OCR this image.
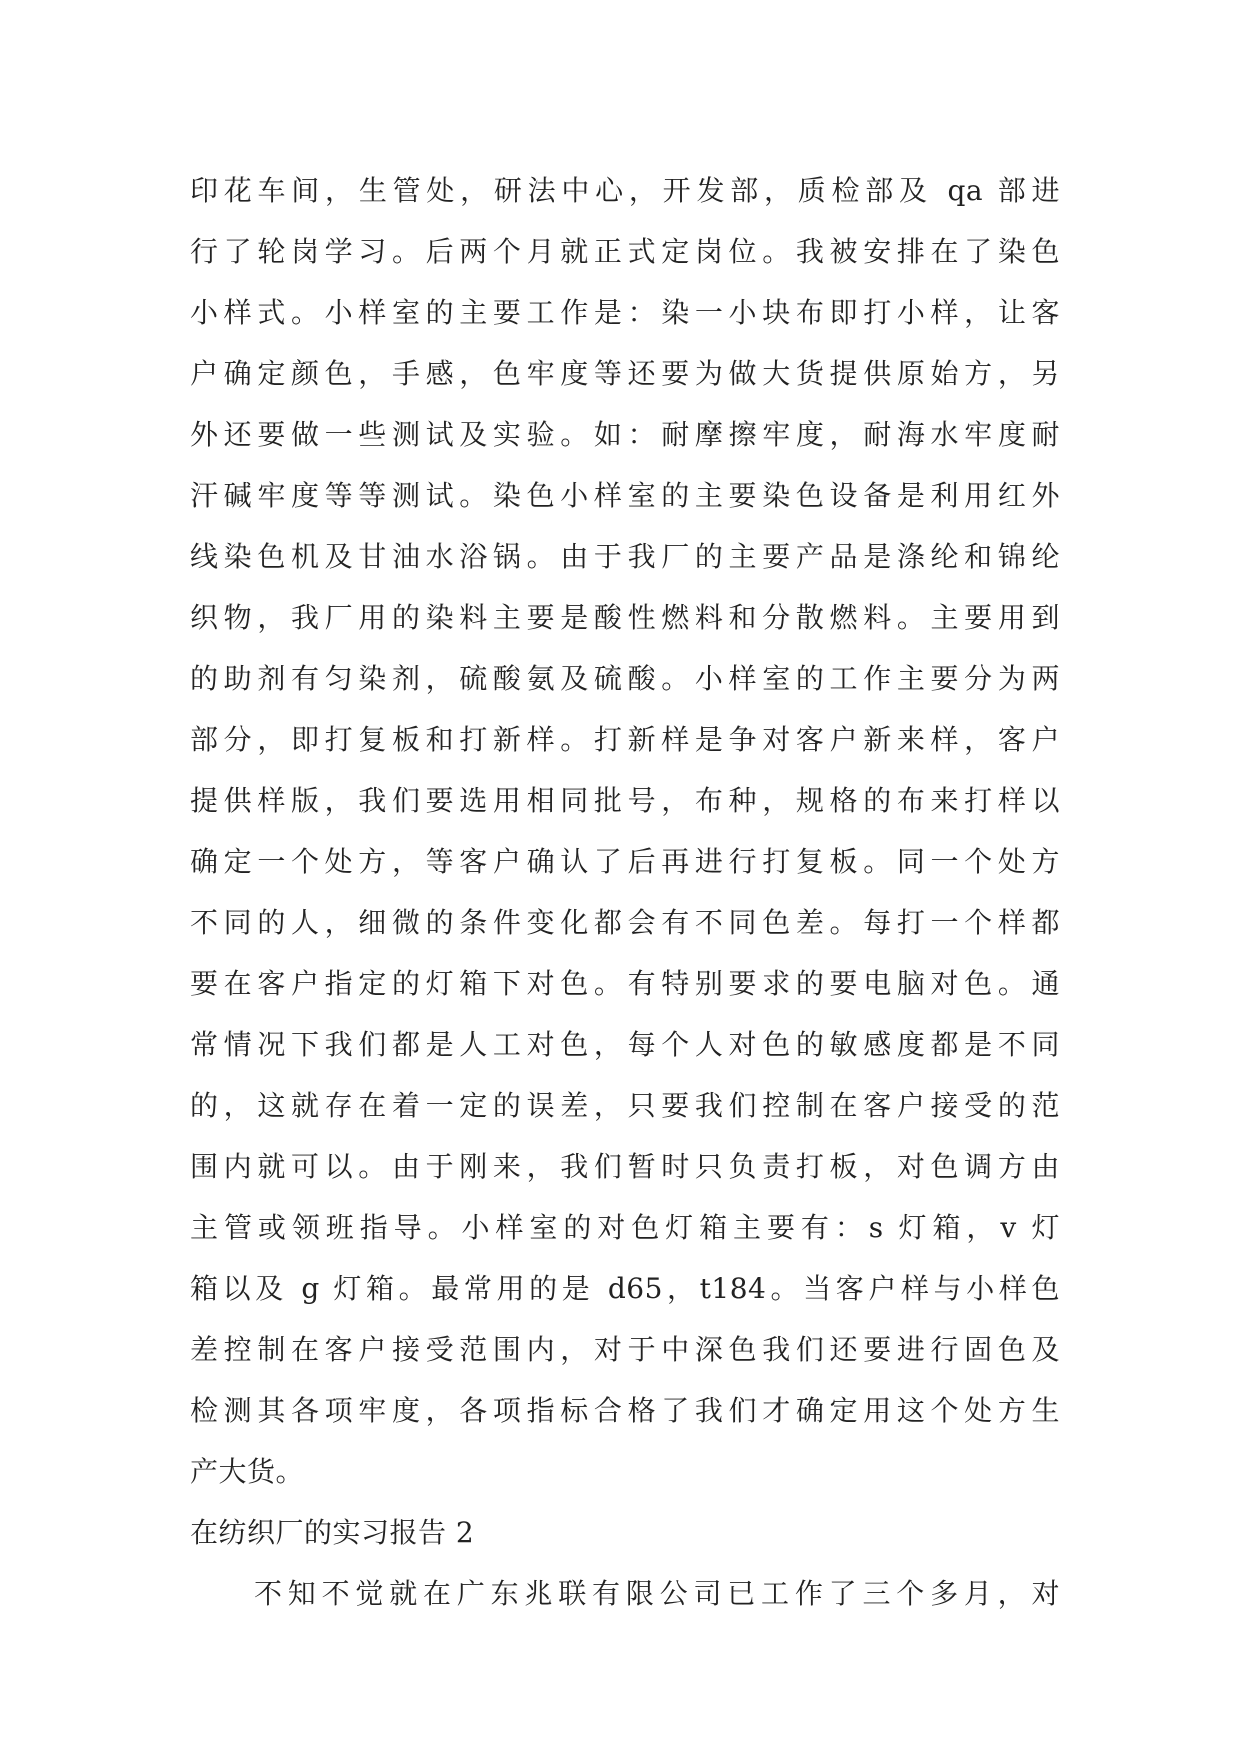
印花车间，生管处，研法中心，开发部，质检部及 qa 部进
行了轮岗学习。后两个月就正式定岗位。我被安排在了染色
小样式。小样室的主要工作是：染一小块布即打小样，让客
户确定颜色，手感，色牢度等还要为做大货提供原始方，另
外还要做一些测试及实验。如：耐摩擦牢度，耐海水牢度耐
汗碱牢度等等测试。染色小样室的主要染色设备是利用红外
线染色机及甘油水浴锅。由于我厂的主要产品是涤纶和锦纶
织物，我厂用的染料主要是酸性燃料和分散燃料。主要用到
的助剂有匀染剂，硫酸氨及硫酸。小样室的工作主要分为两
部分，即打复板和打新样。打新样是争对客户新来样，客户
提供样版，我们要选用相同批号，布种，规格的布来打样以
确定一个处方，等客户确认了后再进行打复板。同一个处方
不同的人，细微的条件变化都会有不同色差。每打一个样都
要在客户指定的灯箱下对色。有特别要求的要电脑对色。通
常情况下我们都是人工对色，每个人对色的敏感度都是不同
的，这就存在着一定的误差，只要我们控制在客户接受的范
围内就可以。由于刚来，我们暂时只负责打板，对色调方由
主管或领班指导。小样室的对色灯箱主要有：s 灯箱，v 灯
箱以及 g 灯箱。最常用的是 d65，t184。当客户样与小样色
差控制在客户接受范围内，对于中深色我们还要进行固色及
检测其各项牢度，各项指标合格了我们才确定用这个处方生
产大货。
在纺织厂的实习报告 2
不知不觉就在广东兆联有限公司已工作了三个多月，对
